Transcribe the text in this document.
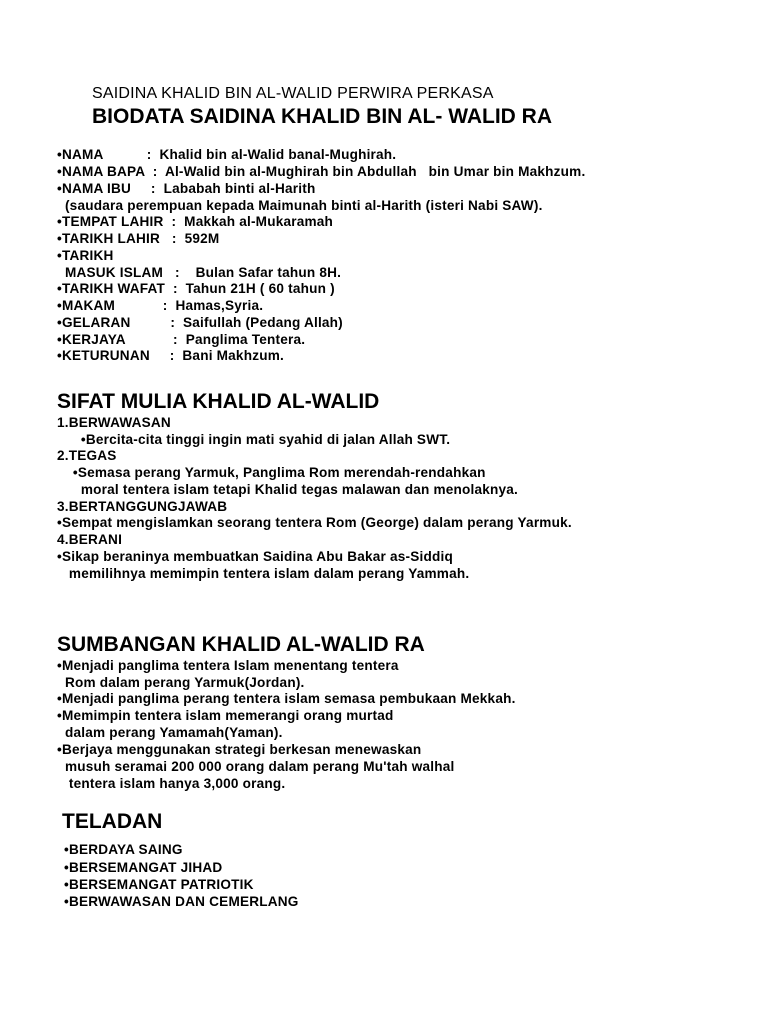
SAIDINA KHALID BIN AL-WALID PERWIRA PERKASA
BIODATA SAIDINA KHALID BIN AL- WALID RA
•NAMA           :  Khalid bin al-Walid banal-Mughirah.
•NAMA BAPA  :  Al-Walid bin al-Mughirah bin Abdullah   bin Umar bin Makhzum.
•NAMA IBU     :  Lababah binti al-Harith
(saudara perempuan kepada Maimunah binti al-Harith (isteri Nabi SAW).
•TEMPAT LAHIR  :  Makkah al-Mukaramah
•TARIKH LAHIR   :  592M
•TARIKH
MASUK ISLAM   :    Bulan Safar tahun 8H.
•TARIKH WAFAT  :  Tahun 21H ( 60 tahun )
•MAKAM            :  Hamas,Syria.
•GELARAN          :  Saifullah (Pedang Allah)
•KERJAYA            :  Panglima Tentera.
•KETURUNAN     :  Bani Makhzum.
SIFAT MULIA KHALID AL-WALID
1.BERWAWASAN
•Bercita-cita tinggi ingin mati syahid di jalan Allah SWT.
2.TEGAS
•Semasa perang Yarmuk, Panglima Rom merendah-rendahkan
moral tentera islam tetapi Khalid tegas malawan dan menolaknya.
3.BERTANGGUNGJAWAB
•Sempat mengislamkan seorang tentera Rom (George) dalam perang Yarmuk.
4.BERANI
•Sikap beraninya membuatkan Saidina Abu Bakar as-Siddiq
memilihnya memimpin tentera islam dalam perang Yammah.
SUMBANGAN KHALID AL-WALID RA
•Menjadi panglima tentera Islam menentang tentera
Rom dalam perang Yarmuk(Jordan).
•Menjadi panglima perang tentera islam semasa pembukaan Mekkah.
•Memimpin tentera islam memerangi orang murtad
dalam perang Yamamah(Yaman).
•Berjaya menggunakan strategi berkesan menewaskan
musuh seramai 200 000 orang dalam perang Mu'tah walhal
tentera islam hanya 3,000 orang.
TELADAN
•BERDAYA SAING
•BERSEMANGAT JIHAD
•BERSEMANGAT PATRIOTIK
•BERWAWASAN DAN CEMERLANG
